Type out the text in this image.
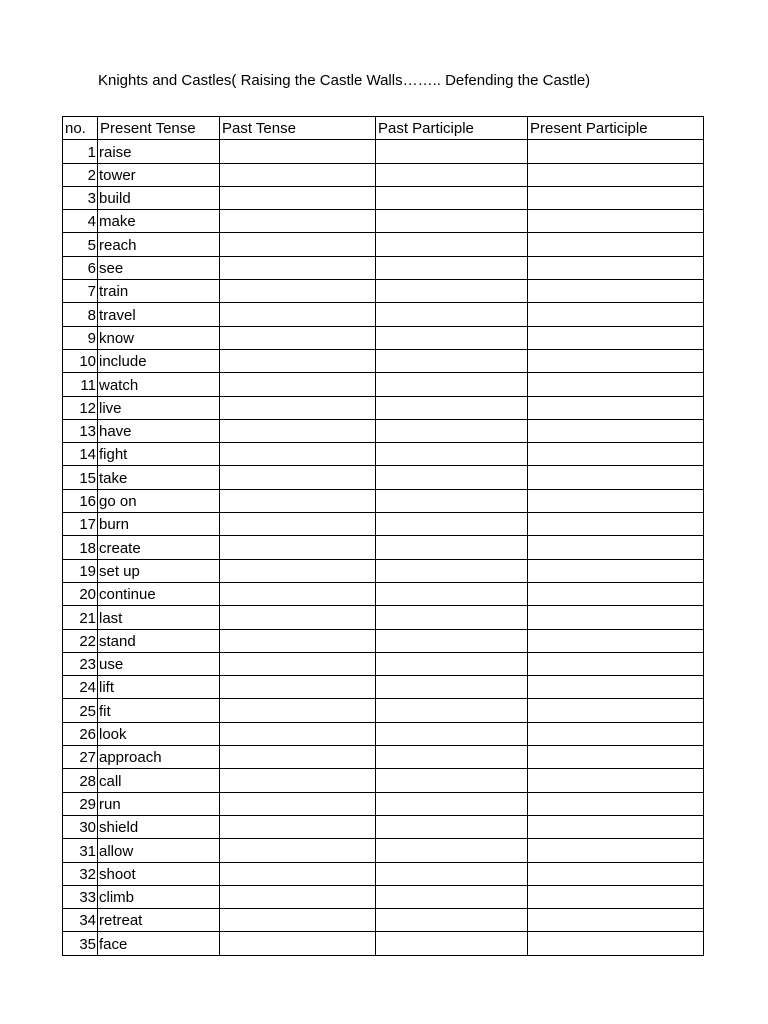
Knights and Castles( Raising the Castle Walls…….. Defending the Castle)
no.	Present Tense	Past Tense	Past Participle	Present Participle
1	raise			
2	tower			
3	build			
4	make			
5	reach			
6	see			
7	train			
8	travel			
9	know			
10	include			
11	watch			
12	live			
13	have			
14	fight			
15	take			
16	go on			
17	burn			
18	create			
19	set up			
20	continue			
21	last			
22	stand			
23	use			
24	lift			
25	fit			
26	look			
27	approach			
28	call			
29	run			
30	shield			
31	allow			
32	shoot			
33	climb			
34	retreat			
35	face			
